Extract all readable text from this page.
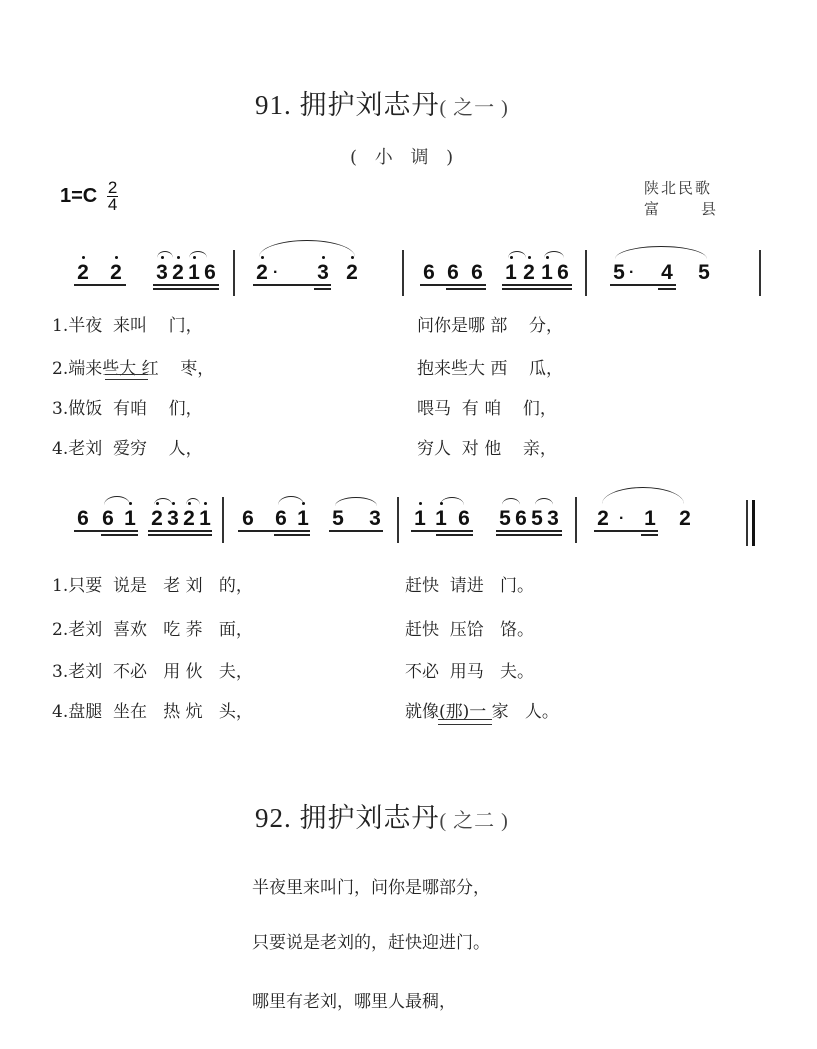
91. 拥护刘志丹( 之一 )
( 小 调 )
$1=C \frac{2}{4}$	陕北民歌
富	县
2 2 3 2 1 6 2 · 3 2	6 6 6 1 2 1 6 5 · 4 5
1.半夜  来叫    门，
2.端来些大 红    枣，
3.做饭  有咱    们，
4.老刘  爱穷    人，
问你是哪 部    分，
抱来些大 西    瓜，
喂马  有 咱    们，
穷人  对 他    亲，
6 6 1 2 3 2 1 6 6 1 5 3 1 1 6 5 6 5 3 2 · 1 2
1.只要  说是   老 刘   的，
2.老刘  喜欢   吃 荞   面，
3.老刘  不必   用 伙   夫，
4.盘腿  坐在   热 炕   头，
赶快  请进   门。
赶快  压饸   饹。
不必  用马   夫。
就像(那)一 家   人。
92. 拥护刘志丹( 之二 )
半夜里来叫门，问你是哪部分，
只要说是老刘的，赶快迎进门。
哪里有老刘，哪里人最稠，
